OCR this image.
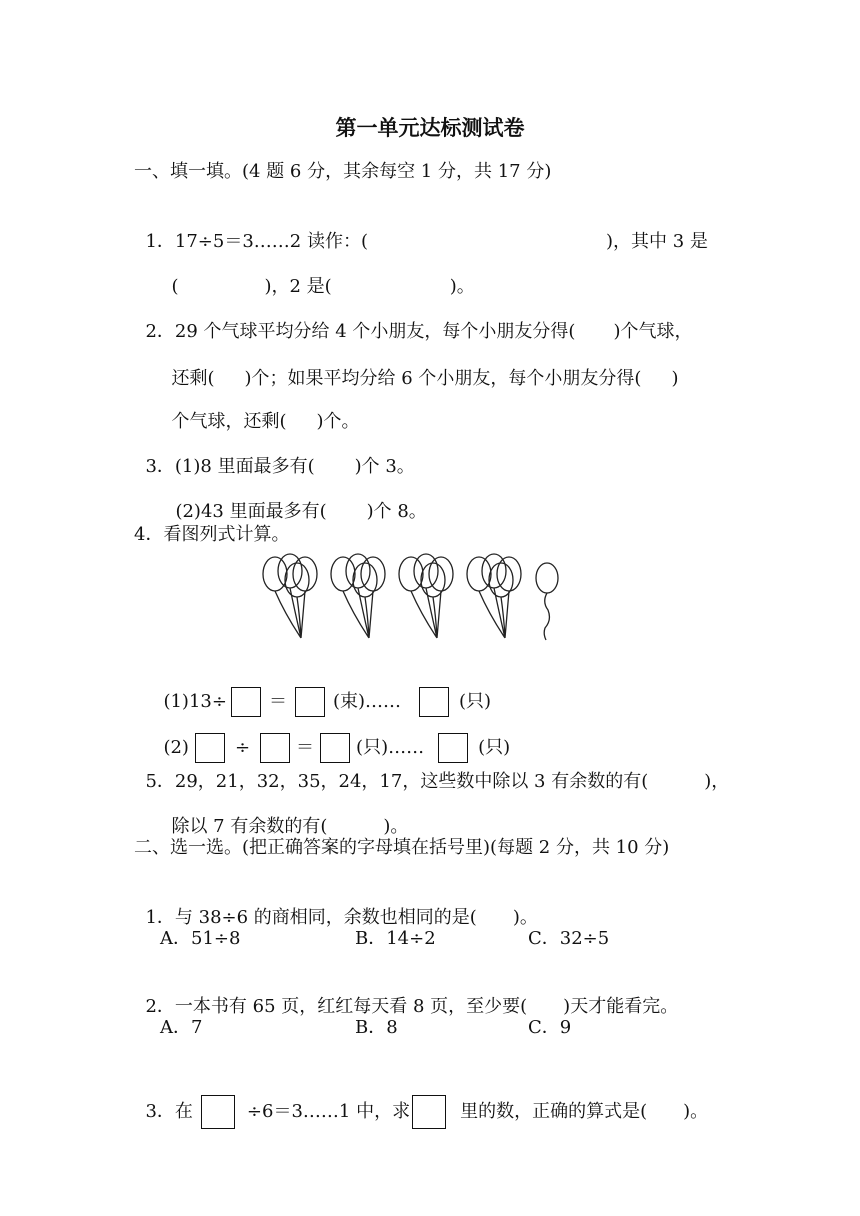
第一单元达标测试卷
一、填一填。(4 题 6 分，其余每空 1 分，共 17 分)

1．17÷5＝3……2 读作：(	)，其中 3 是

(	)，2 是(	)。

2．29 个气球平均分给 4 个小朋友，每个小朋友分得( )个气球，

还剩( )个；如果平均分给 6 个小朋友，每个小朋友分得( )

个气球，还剩( )个。

3．(1)8 里面最多有( )个 3。

(2)43 里面最多有( )个 8。

4．看图列式计算。

(1)13÷ ＝	(束)……	(只)

(2)	÷	＝ (只)……	(只)

5．29，21，32，35，24，17，这些数中除以 3 有余数的有(	)，

除以 7 有余数的有(	)。

二、选一选。(把正确答案的字母填在括号里)(每题 2 分，共 10 分)

1．与 38÷6 的商相同，余数也相同的是( )。

A．51÷8	B．14÷2	C．32÷5

2．一本书有 65 页，红红每天看 8 页，至少要( )天才能看完。

A．7	B．8	C．9

3．在	÷6＝3……1 中，求	里的数，正确的算式是( )。
